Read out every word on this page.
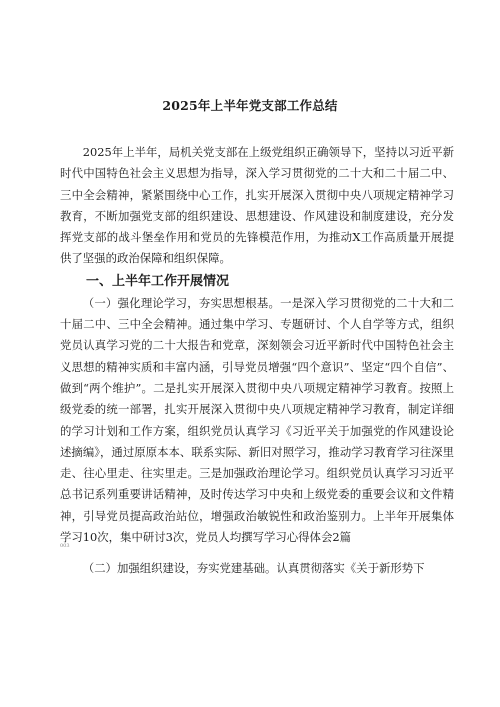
2025年上半年党支部工作总结

2025年上半年，局机关党支部在上级党组织正确领导下，坚持以习近平新时代中国特色社会主义思想为指导，深入学习贯彻党的二十大和二十届二中、三中全会精神，紧紧围绕中心工作，扎实开展深入贯彻中央八项规定精神学习教育，不断加强党支部的组织建设、思想建设、作风建设和制度建设，充分发挥党支部的战斗堡垒作用和党员的先锋模范作用，为推动X工作高质量开展提供了坚强的政治保障和组织保障。

一、上半年工作开展情况

（一）强化理论学习，夯实思想根基。一是深入学习贯彻党的二十大和二十届二中、三中全会精神。通过集中学习、专题研讨、个人自学等方式，组织党员认真学习党的二十大报告和党章，深刻领会习近平新时代中国特色社会主义思想的精神实质和丰富内涵，引导党员增强“四个意识”、坚定“四个自信”、做到“两个维护”。二是扎实开展深入贯彻中央八项规定精神学习教育。按照上级党委的统一部署，扎实开展深入贯彻中央八项规定精神学习教育，制定详细的学习计划和工作方案，组织党员认真学习《习近平关于加强党的作风建设论述摘编》，通过原原本本、联系实际、新旧对照学习，推动学习教育学习往深里走、往心里走、往实里走。三是加强政治理论学习。组织党员认真学习习近平总书记系列重要讲话精神，及时传达学习中央和上级党委的重要会议和文件精神，引导党员提高政治站位，增强政治敏锐性和政治鉴别力。上半年开展集体学习10次，集中研讨3次，党员人均撰写学习心得体会2篇

003

（二）加强组织建设，夯实党建基础。认真贯彻落实《关于新形势下
